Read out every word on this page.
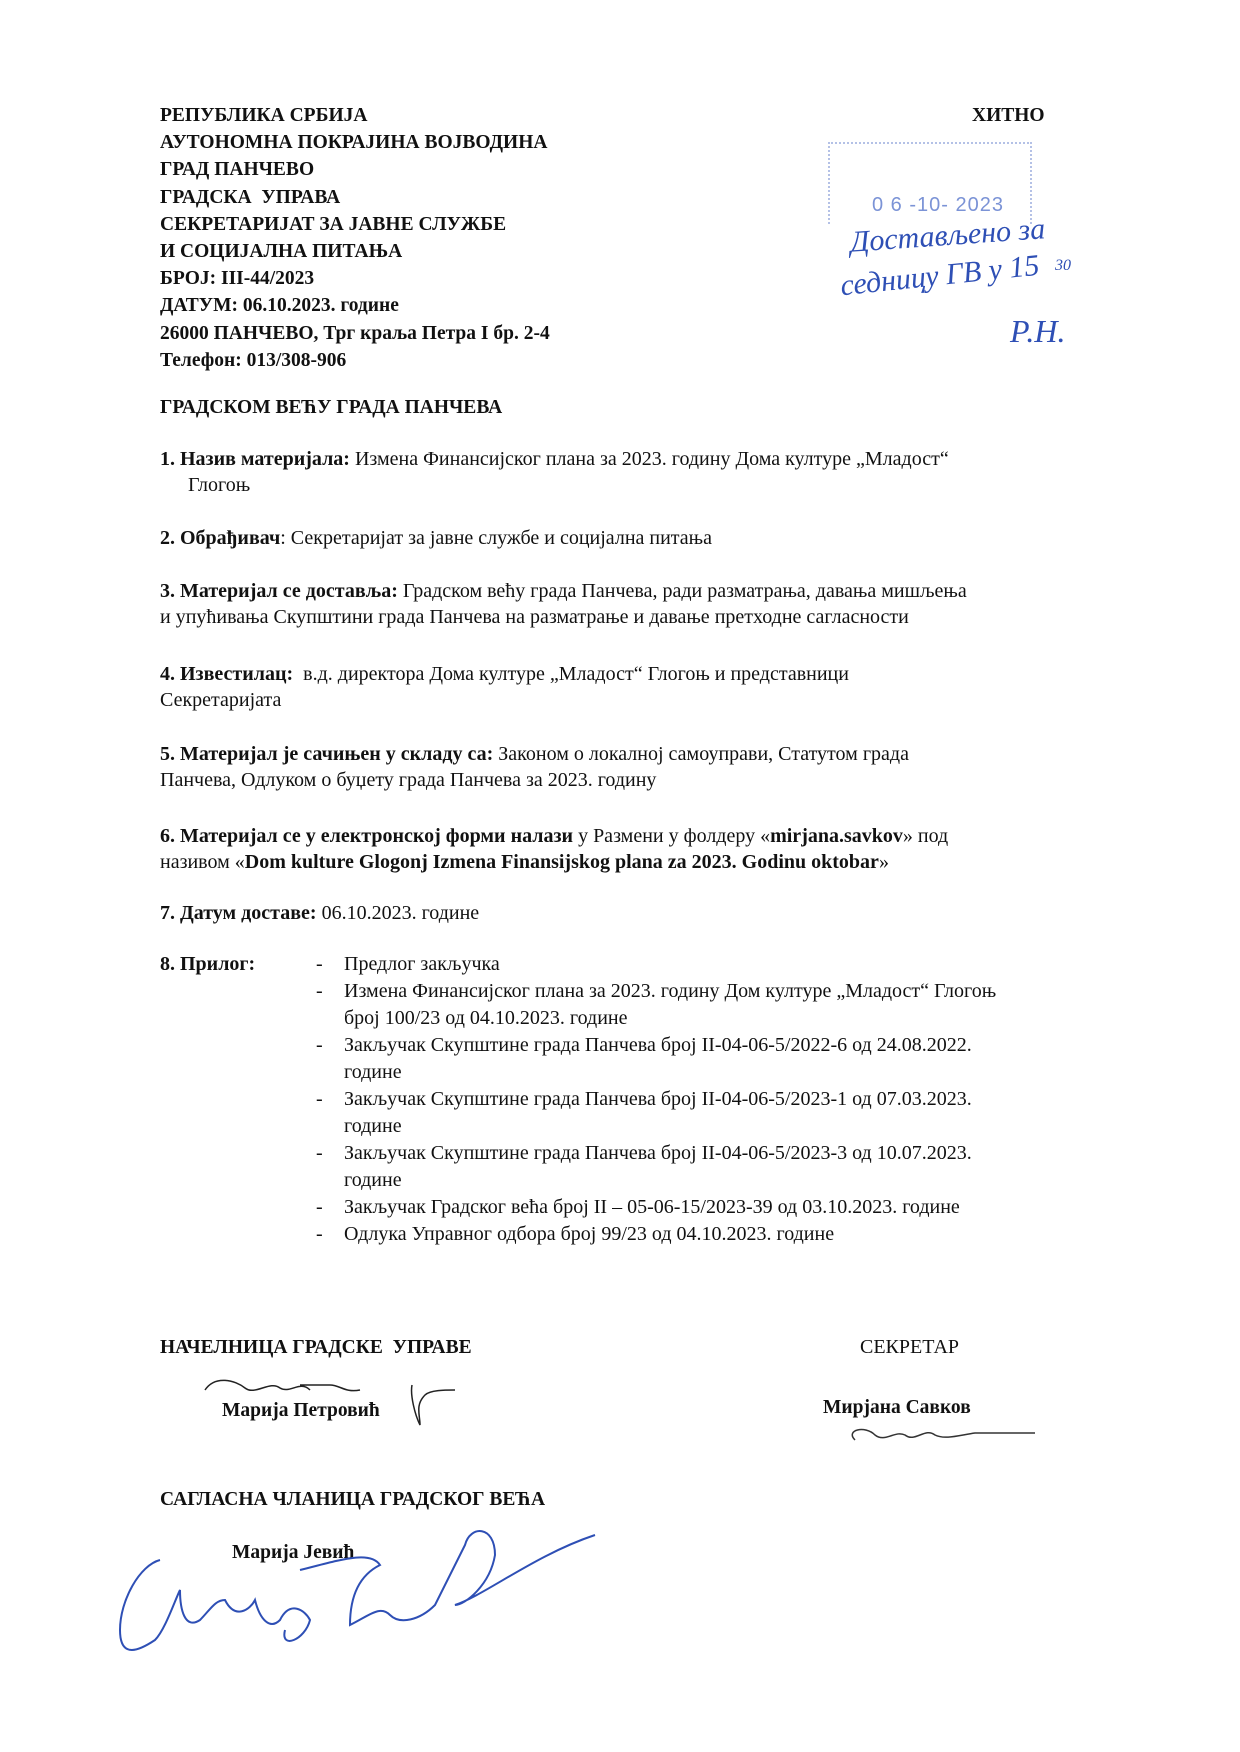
РЕПУБЛИКА СРБИЈА
АУТОНОМНА ПОКРАЈИНА ВОЈВОДИНА
ГРАД ПАНЧЕВО
ГРАДСКА  УПРАВА
СЕКРЕТАРИЈАТ ЗА ЈАВНЕ СЛУЖБЕ
И СОЦИЈАЛНА ПИТАЊА
БРОЈ: III-44/2023
ДАТУМ: 06.10.2023. године
26000 ПАНЧЕВО, Трг краља Петра I бр. 2-4
Телефон: 013/308-906
ХИТНО
0 6 -10- 2023
Достављено за
седницу ГВ у 15 30
Р.Н.
ГРАДСКОМ ВЕЋУ ГРАДА ПАНЧЕВА
1. Назив материјала: Измена Финансијског плана за 2023. годину Дома културе „Младост“
Глогоњ
2. Обрађивач: Секретаријат за јавне службе и социјална питања
3. Материјал се доставља: Градском већу града Панчева, ради разматрања, давања мишљења
и упућивања Скупштини града Панчева на разматрање и давање претходне сагласности
4. Известилац:  в.д. директора Дома културе „Младост“ Глогоњ и представници
Секретаријата
5. Материјал је сачињен у складу са: Законом о локалној самоуправи, Статутом града
Панчева, Одлуком о буџету града Панчева за 2023. годину
6. Материјал се у електронској форми налази у Размени у фолдеру «mirjana.savkov» под
називом «Dom kulture Glogonj Izmena Finansijskog plana za 2023. Godinu oktobar»
7. Датум доставе: 06.10.2023. године
8. Прилог:	- Предлог закључка
- Измена Финансијског плана за 2023. годину Дом културе „Младост“ Глогоњ
број 100/23 од 04.10.2023. године
- Закључак Скупштине града Панчева број II-04-06-5/2022-6 од 24.08.2022.
године
- Закључак Скупштине града Панчева број II-04-06-5/2023-1 од 07.03.2023.
године
- Закључак Скупштине града Панчева број II-04-06-5/2023-3 од 10.07.2023.
године
- Закључак Градског већа број II – 05-06-15/2023-39 од 03.10.2023. године
- Одлука Управног одбора број 99/23 од 04.10.2023. године
НАЧЕЛНИЦА ГРАДСКЕ  УПРАВЕ
Марија Петровић
СЕКРЕТАР
Мирјана Савков
САГЛАСНА ЧЛАНИЦА ГРАДСКОГ ВЕЋА
Марија Јевић
